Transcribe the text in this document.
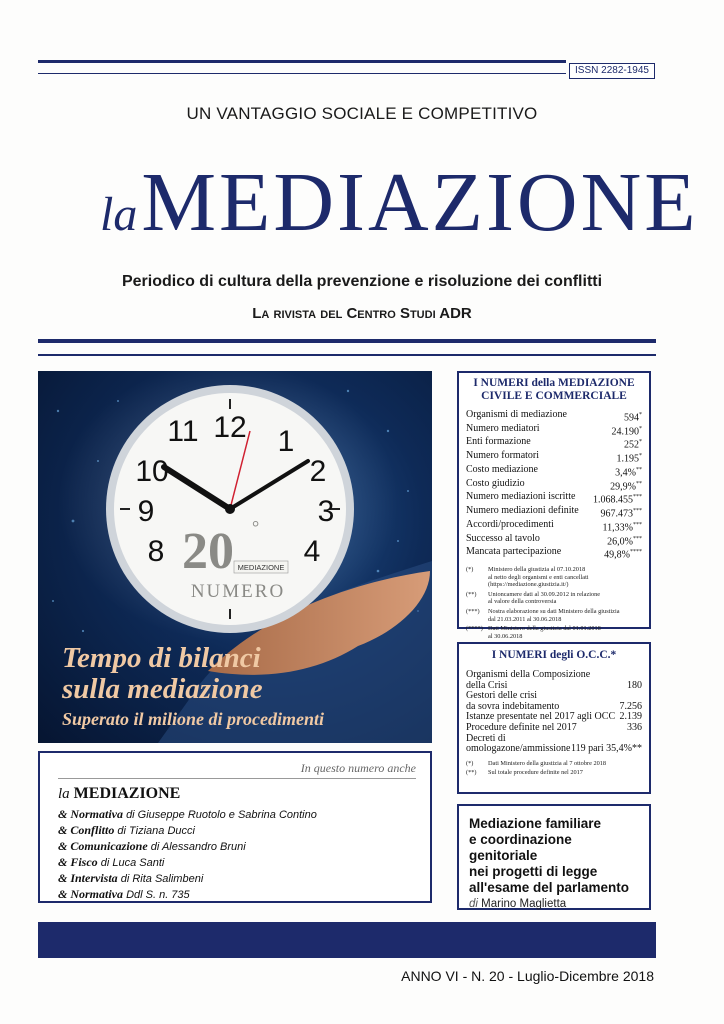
ISSN 2282-1945
UN VANTAGGIO SOCIALE E COMPETITIVO
laMEDIAZIONE
Periodico di cultura della prevenzione e risoluzione dei conflitti
La rivista del Centro Studi ADR
12 1
2
3
4
10
9
8
11
20 °
MEDIAZIONE
NUMERO
Tempo di bilanci
sulla mediazione
Superato il milione di procedimenti
I NUMERI della MEDIAZIONE
CIVILE E COMMERCIALE
Organismi di mediazione	594*
Numero mediatori	24.190*
Enti formazione	252*
Numero formatori	1.195*
Costo mediazione	3,4%**
Costo giudizio	29,9%**
Numero mediazioni iscritte 1.068.455***
Numero mediazioni definite 967.473***
Accordi/procedimenti	11,33%***
Successo al tavolo	26,0%***
Mancata partecipazione	49,8%****
(*)	Ministero della giustizia al 07.10.2018
al netto degli organismi e enti cancellati
(https://mediazione.giustizia.it/)
(**)	Unioncamere dati al 30.09.2012 in relazione
al valore della controversia
(***)	Nostra elaborazione su dati Ministero della giustizia
dal 21.03.2011 al 30.06.2018
(****) Dati Ministero della giustizia dal 01.01.2018
al 30.06.2018
I NUMERI degli O.C.C.*
Organismi della Composizione
della Crisi	180
Gestori delle crisi
da sovra indebitamento	7.256
Istanze presentate nel 2017 agli OCC 2.139
Procedure definite nel 2017	336
Decreti di
omologazone/ammissione 119 pari 35,4%**
(*)	Dati Ministero della giustizia al 7 ottobre 2018
(**)	Sul totale procedure definite nel 2017
In questo numero anche
la MEDIAZIONE
& Normativa di Giuseppe Ruotolo e Sabrina Contino
& Conflitto di Tiziana Ducci
& Comunicazione di Alessandro Bruni
& Fisco di Luca Santi
& Intervista di Rita Salimbeni
& Normativa Ddl S. n. 735
Mediazione familiare
e coordinazione genitoriale
nei progetti di legge
all'esame del parlamento
di Marino Maglietta
ANNO VI - N. 20 - Luglio-Dicembre 2018
